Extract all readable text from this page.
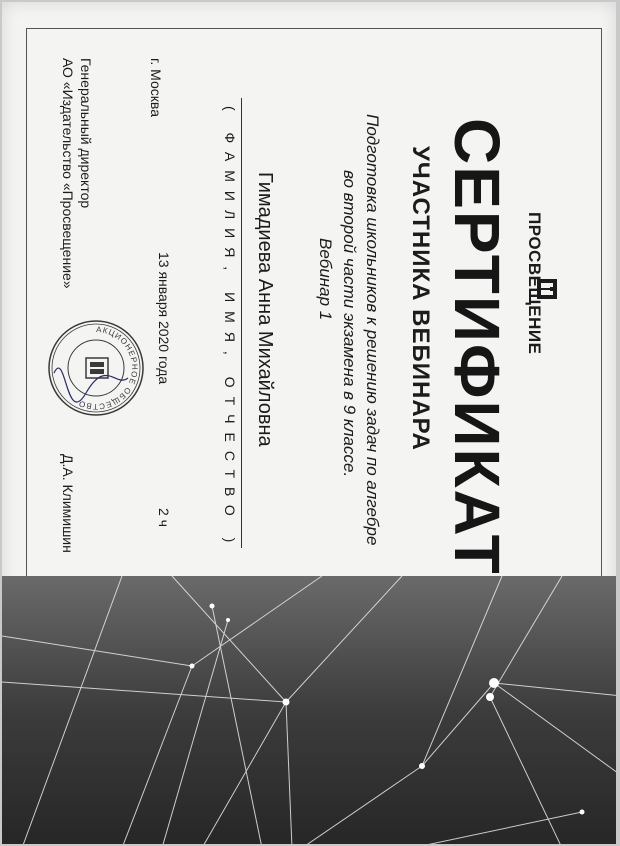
ПРОСВЕЩЕНИЕ
СЕРТИФИКАТ
УЧАСТНИКА ВЕБИНАРА
Подготовка школьников к решению задач по алгебре
во второй части экзамена в 9 классе.
Вебинар 1
Гимадиева Анна Михайловна
( ФАМИЛИЯ, ИМЯ, ОТЧЕСТВО )
13 января 2020 года
2 ч
г. Москва
Генеральный директор
АО «Издательство «Просвещение»
Д.А. Климишин
АКЦИОНЕРНОЕ ОБЩЕСТВО
